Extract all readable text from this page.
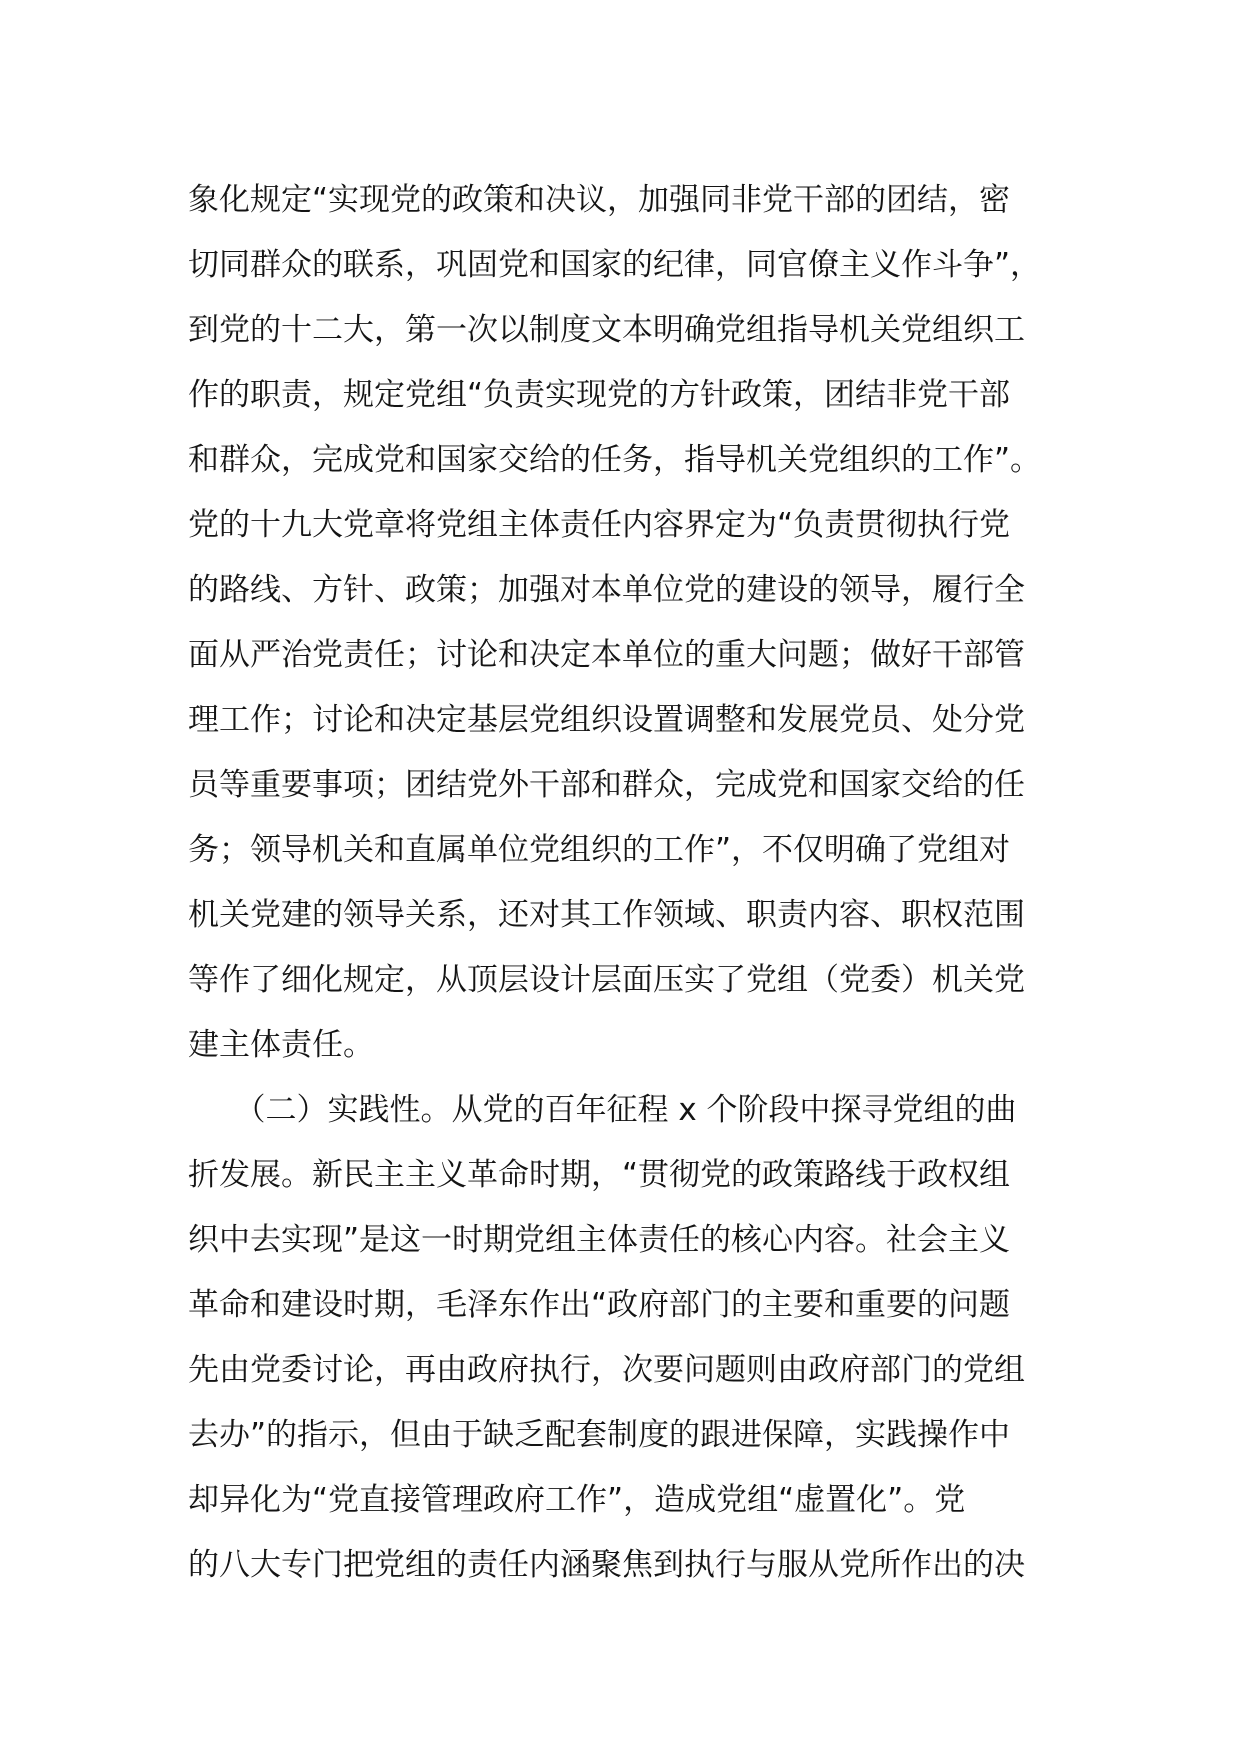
象化规定“实现党的政策和决议，加强同非党干部的团结，密
切同群众的联系，巩固党和国家的纪律，同官僚主义作斗争”，
到党的十二大，第一次以制度文本明确党组指导机关党组织工
作的职责，规定党组“负责实现党的方针政策，团结非党干部
和群众，完成党和国家交给的任务，指导机关党组织的工作”。
党的十九大党章将党组主体责任内容界定为“负责贯彻执行党
的路线、方针、政策；加强对本单位党的建设的领导，履行全
面从严治党责任；讨论和决定本单位的重大问题；做好干部管
理工作；讨论和决定基层党组织设置调整和发展党员、处分党
员等重要事项；团结党外干部和群众，完成党和国家交给的任
务；领导机关和直属单位党组织的工作”，不仅明确了党组对
机关党建的领导关系，还对其工作领域、职责内容、职权范围
等作了细化规定，从顶层设计层面压实了党组（党委）机关党
建主体责任。
　　（二）实践性。从党的百年征程 x 个阶段中探寻党组的曲
折发展。新民主主义革命时期，“贯彻党的政策路线于政权组
织中去实现”是这一时期党组主体责任的核心内容。社会主义
革命和建设时期，毛泽东作出“政府部门的主要和重要的问题
先由党委讨论，再由政府执行，次要问题则由政府部门的党组
去办”的指示，但由于缺乏配套制度的跟进保障，实践操作中
却异化为“党直接管理政府工作”，造成党组“虚置化”。党
的八大专门把党组的责任内涵聚焦到执行与服从党所作出的决
